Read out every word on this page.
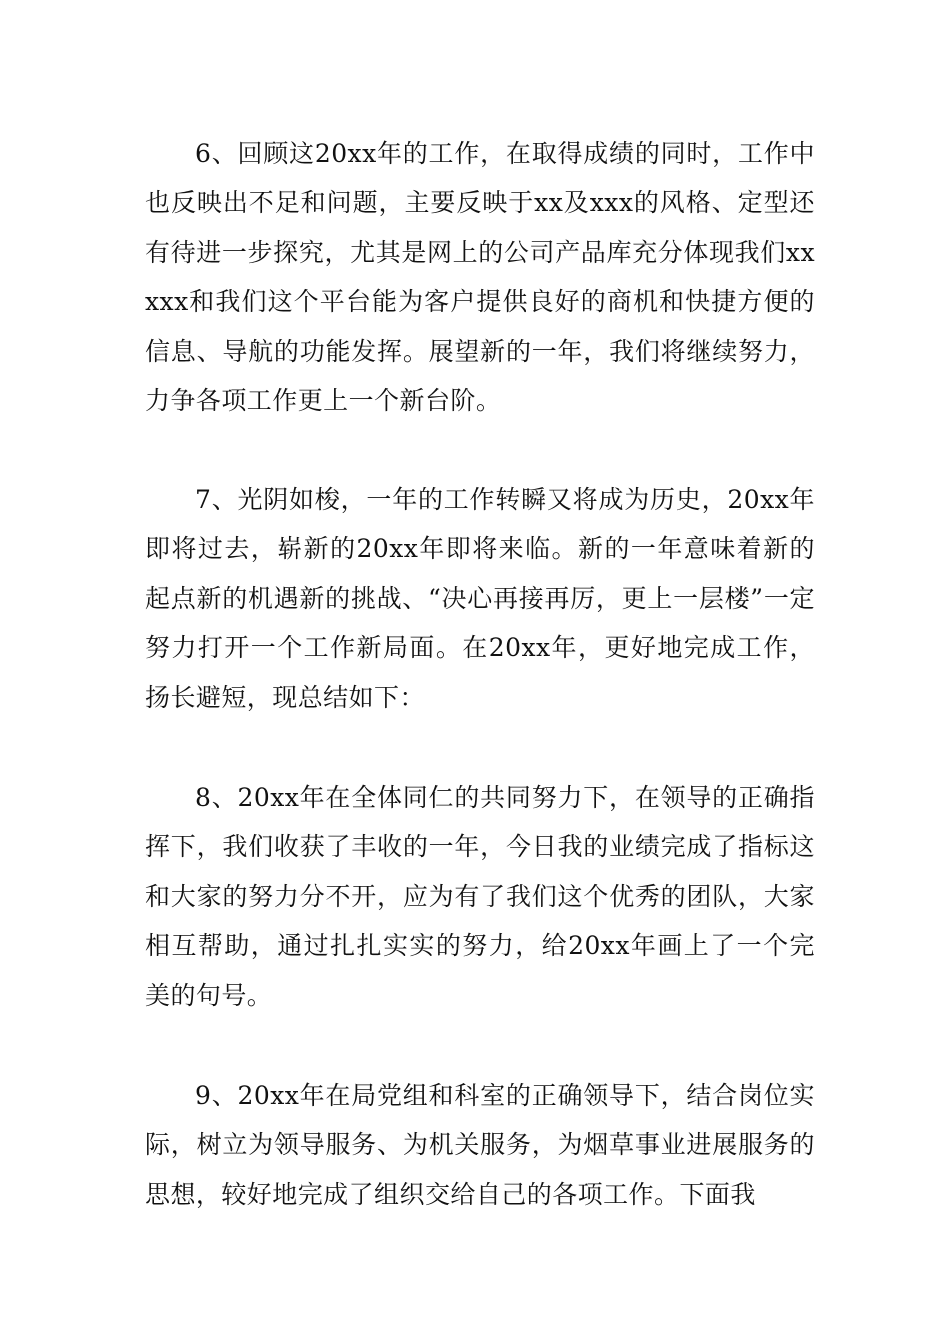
6、回顾这20xx年的工作，在取得成绩的同时，工作中也反映出不足和问题，主要反映于xx及xxx的风格、定型还有待进一步探究，尤其是网上的公司产品库充分体现我们xxxxx和我们这个平台能为客户提供良好的商机和快捷方便的信息、导航的功能发挥。展望新的一年，我们将继续努力，力争各项工作更上一个新台阶。

7、光阴如梭，一年的工作转瞬又将成为历史，20xx年即将过去，崭新的20xx年即将来临。新的一年意味着新的起点新的机遇新的挑战、“决心再接再厉，更上一层楼”一定努力打开一个工作新局面。在20xx年，更好地完成工作，扬长避短，现总结如下：

8、20xx年在全体同仁的共同努力下，在领导的正确指挥下，我们收获了丰收的一年，今日我的业绩完成了指标这和大家的努力分不开，应为有了我们这个优秀的团队，大家相互帮助，通过扎扎实实的努力，给20xx年画上了一个完美的句号。

9、20xx年在局党组和科室的正确领导下，结合岗位实际，树立为领导服务、为机关服务，为烟草事业进展服务的思想，较好地完成了组织交给自己的各项工作。下面我
